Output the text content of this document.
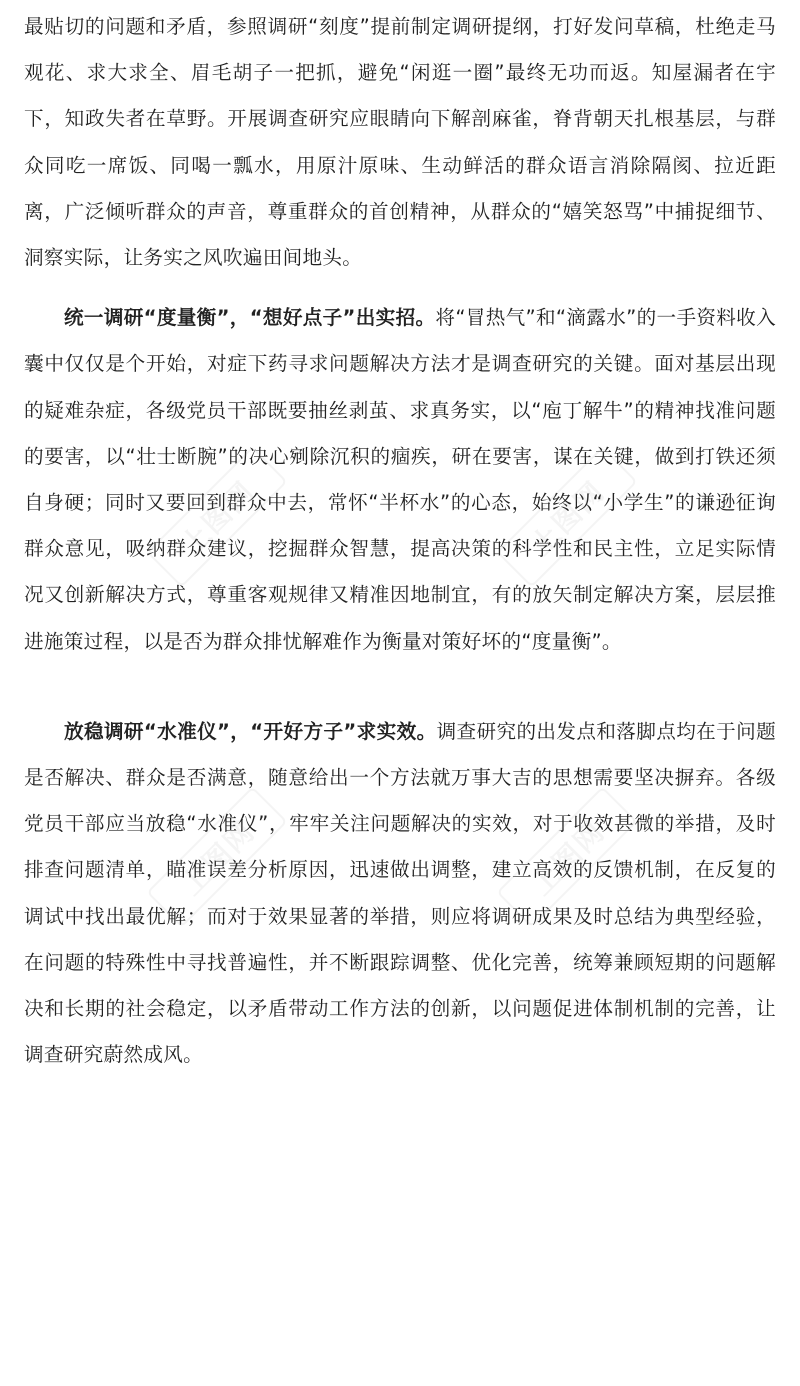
最贴切的问题和矛盾，参照调研“刻度”提前制定调研提纲，打好发问草稿，杜绝走马观花、求大求全、眉毛胡子一把抓，避免“闲逛一圈”最终无功而返。知屋漏者在宇下，知政失者在草野。开展调查研究应眼睛向下解剖麻雀，脊背朝天扎根基层，与群众同吃一席饭、同喝一瓢水，用原汁原味、生动鲜活的群众语言消除隔阂、拉近距离，广泛倾听群众的声音，尊重群众的首创精神，从群众的“嬉笑怒骂”中捕捉细节、洞察实际，让务实之风吹遍田间地头。

统一调研“度量衡”，“想好点子”出实招。将“冒热气”和“滴露水”的一手资料收入囊中仅仅是个开始，对症下药寻求问题解决方法才是调查研究的关键。面对基层出现的疑难杂症，各级党员干部既要抽丝剥茧、求真务实，以“庖丁解牛”的精神找准问题的要害，以“壮士断腕”的决心剜除沉积的痼疾，研在要害，谋在关键，做到打铁还须自身硬；同时又要回到群众中去，常怀“半杯水”的心态，始终以“小学生”的谦逊征询群众意见，吸纳群众建议，挖掘群众智慧，提高决策的科学性和民主性，立足实际情况又创新解决方式，尊重客观规律又精准因地制宜，有的放矢制定解决方案，层层推进施策过程，以是否为群众排忧解难作为衡量对策好坏的“度量衡”。

放稳调研“水准仪”，“开好方子”求实效。调查研究的出发点和落脚点均在于问题是否解决、群众是否满意，随意给出一个方法就万事大吉的思想需要坚决摒弃。各级党员干部应当放稳“水准仪”，牢牢关注问题解决的实效，对于收效甚微的举措，及时排查问题清单，瞄准误差分析原因，迅速做出调整，建立高效的反馈机制，在反复的调试中找出最优解；而对于效果显著的举措，则应将调研成果及时总结为典型经验，在问题的特殊性中寻找普遍性，并不断跟踪调整、优化完善，统筹兼顾短期的问题解决和长期的社会稳定，以矛盾带动工作方法的创新，以问题促进体制机制的完善，让调查研究蔚然成风。

上图网	上图网
上图网	上图网
